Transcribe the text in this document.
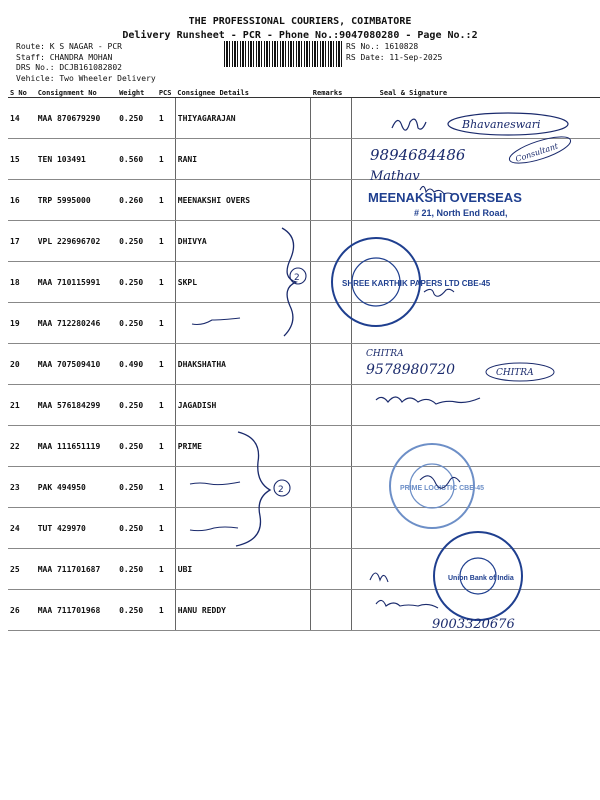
THE PROFESSIONAL COURIERS, COIMBATORE
Delivery Runsheet - PCR - Phone No.:9047080280 - Page No.:2
Route: K S NAGAR - PCR
Staff: CHANDRA MOHAN
DRS No.: DCJB161082802
Vehicle: Two Wheeler Delivery
RS No.: 1610828
RS Date: 11-Sep-2025
S No	Consignment No	Weight	PCS	Consignee Details	Remarks	Seal & Signature
14	MAA 870679290	0.250	1	THIYAGARAJAN		
15	TEN 103491	0.560	1	RANI		
16	TRP 5995000	0.260	1	MEENAKSHI OVERS		
17	VPL 229696702	0.250	1	DHIVYA		
18	MAA 710115991	0.250	1	SKPL		
19	MAA 712280246	0.250	1			
20	MAA 707509410	0.490	1	DHAKSHATHA		
21	MAA 576184299	0.250	1	JAGADISH		
22	MAA 111651119	0.250	1	PRIME		
23	PAK 494950	0.250	1			
24	TUT 429970	0.250	1			
25	MAA 711701687	0.250	1	UBI		
26	MAA 711701968	0.250	1	HANU REDDY		
Bhavaneswari
9894684486
Mathav
Consultant
2
SHREE KARTHIK PAPERS LTD CBE-45
CHITRA
9578980720	CHITRA
2	PRIME LOGISTIC CBE-45
Union Bank of India
9003320676
MEENAKSHI OVERSEAS
# 21, North End Road,
